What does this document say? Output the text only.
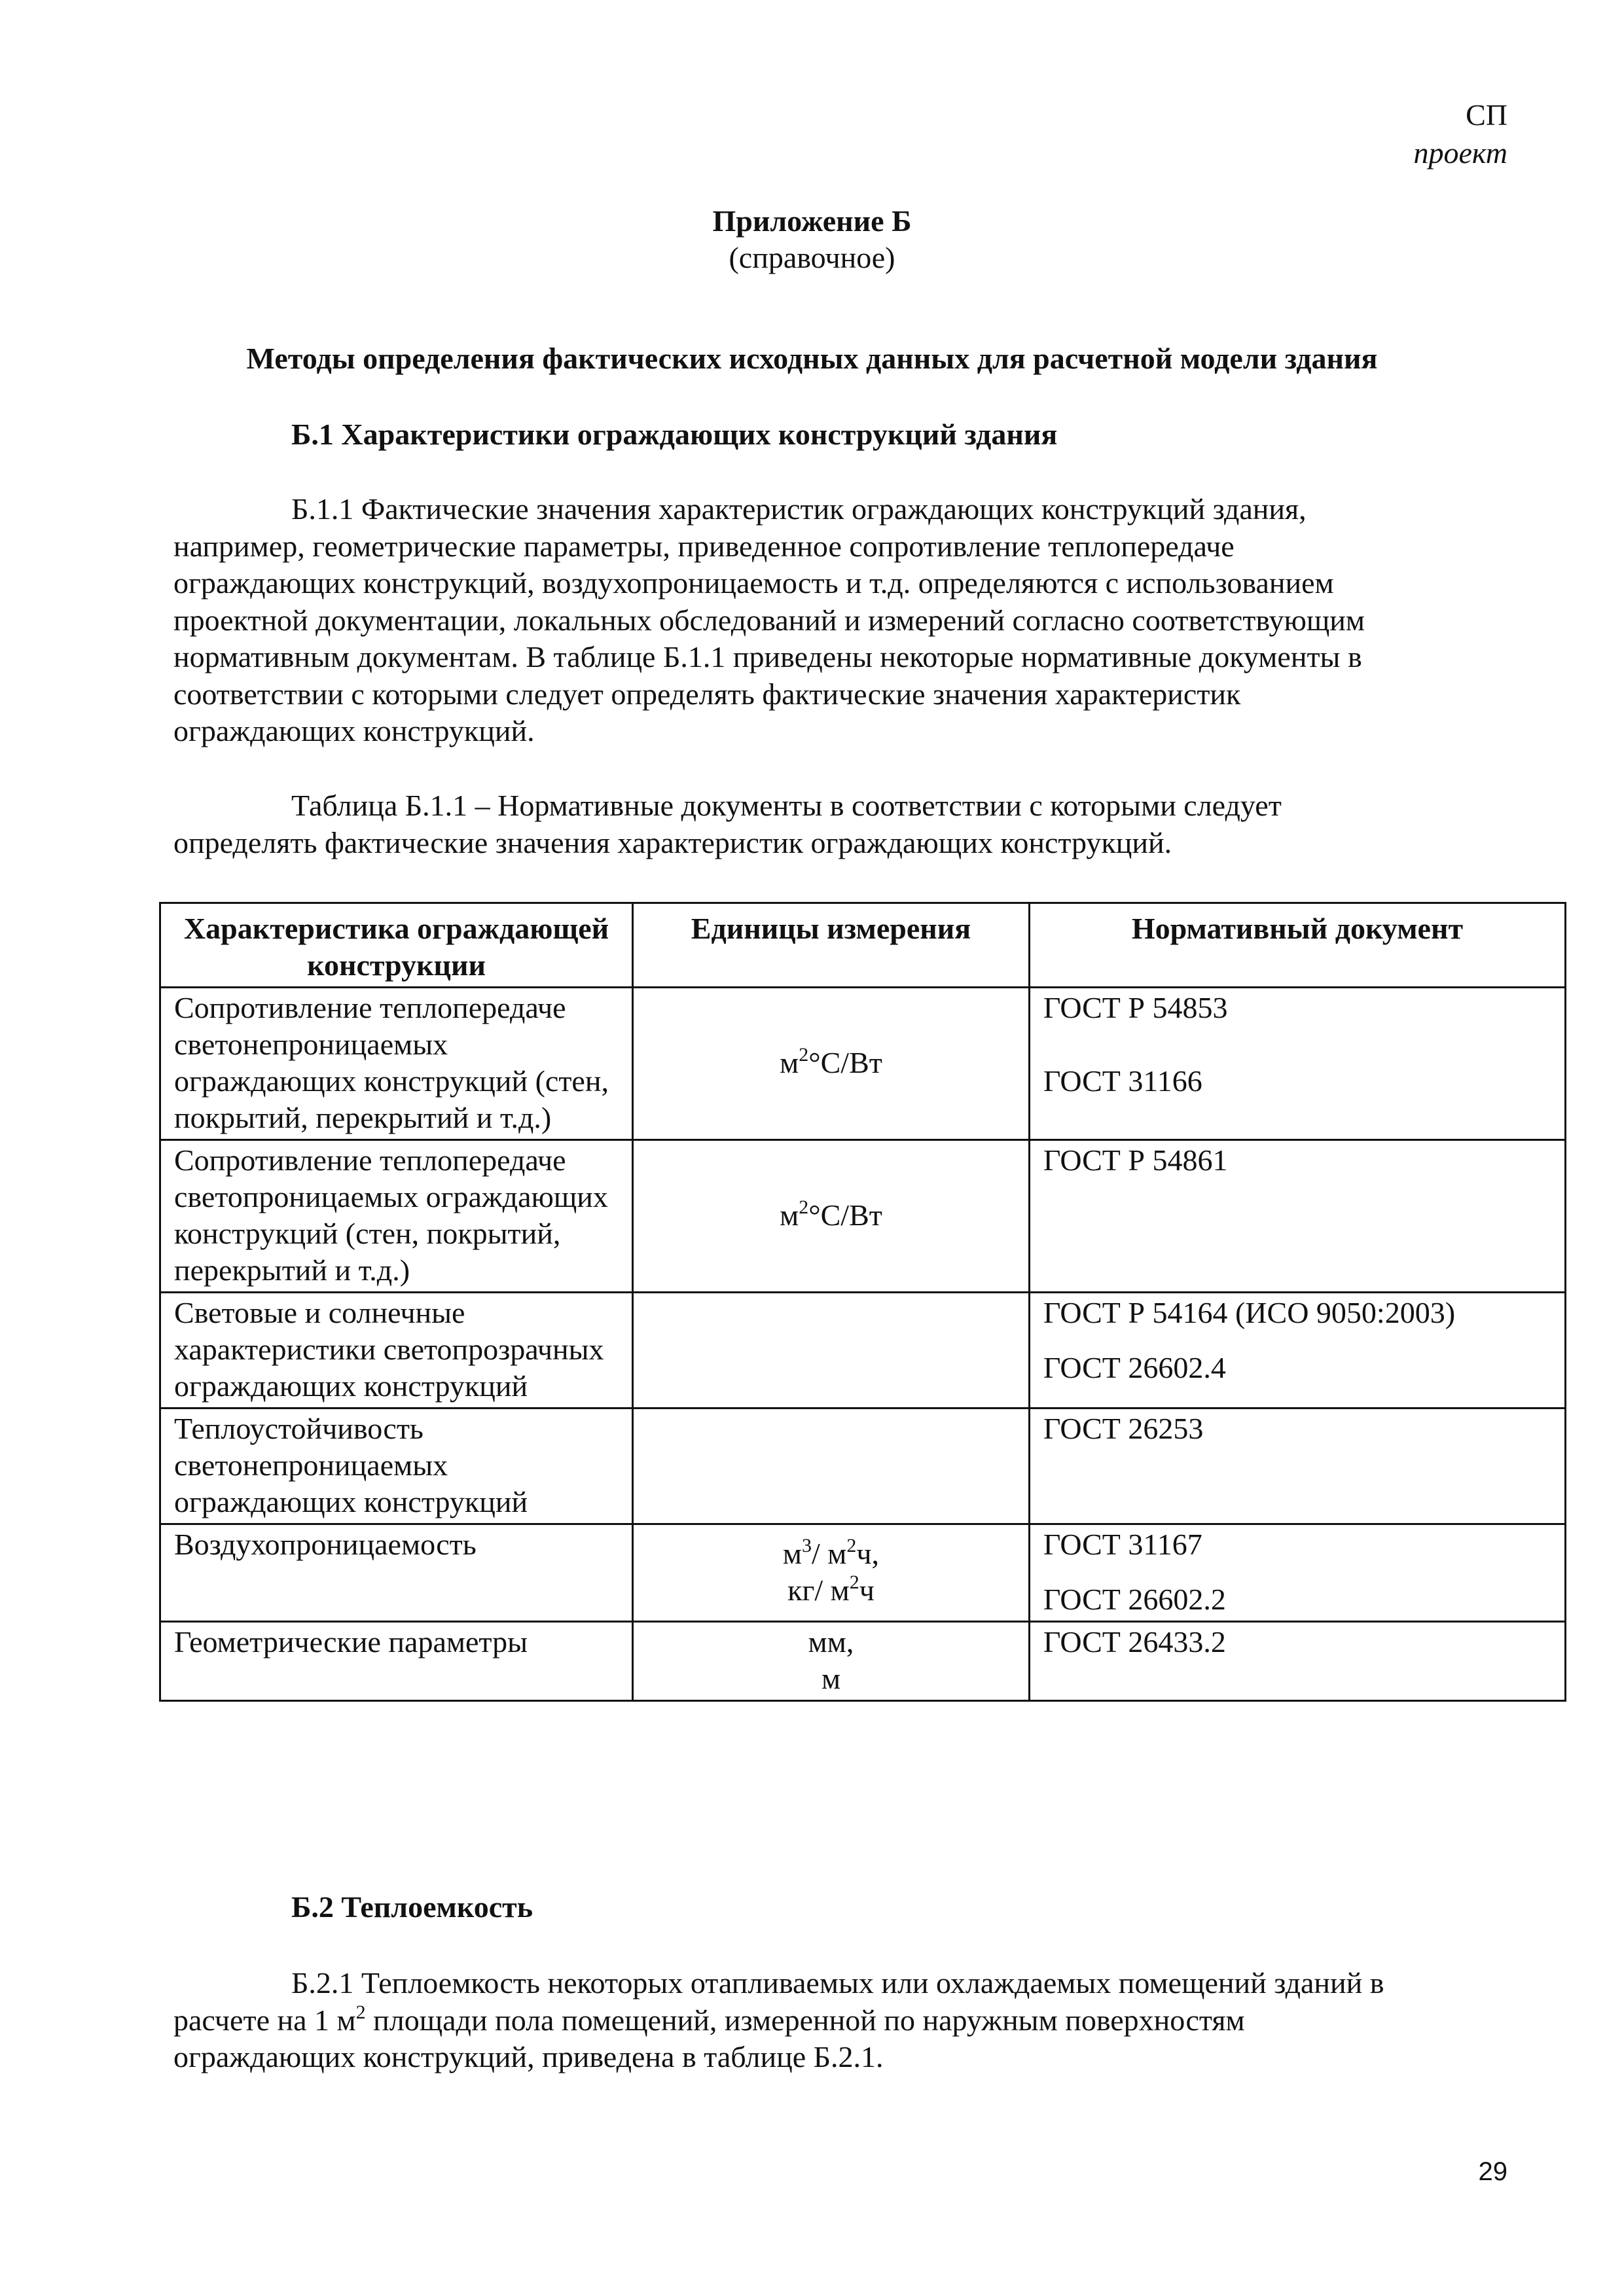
СП
проект
Приложение Б
(справочное)
Методы определения фактических исходных данных для расчетной модели здания
Б.1 Характеристики ограждающих конструкций здания
Б.1.1 Фактические значения характеристик ограждающих конструкций здания,
например, геометрические параметры, приведенное сопротивление теплопередаче
ограждающих конструкций, воздухопроницаемость и т.д. определяются с использованием
проектной документации, локальных обследований и измерений согласно соответствующим
нормативным документам. В таблице Б.1.1 приведены некоторые нормативные документы в
соответствии с которыми следует определять фактические значения характеристик
ограждающих конструкций.
Таблица Б.1.1 – Нормативные документы в соответствии с которыми следует
определять фактические значения характеристик ограждающих конструкций.
Характеристика ограждающей конструкции	Единицы измерения	Нормативный документ
Сопротивление теплопередаче светонепроницаемых ограждающих конструкций (стен, покрытий, перекрытий и т.д.)	$м^2^\circ С/Вт$	ГОСТ Р 54853
ГОСТ 31166

Сопротивление теплопередаче светопроницаемых ограждающих конструкций (стен, покрытий, перекрытий и т.д.)	$м^2^\circ С/Вт$	ГОСТ Р 54861

Световые и солнечные характеристики светопрозрачных ограждающих конструкций		ГОСТ Р 54164 (ИСО 9050:2003)
ГОСТ 26602.4

Теплоустойчивость светонепроницаемых ограждающих конструкций		ГОСТ 26253

Воздухопроницаемость	$м^3/$ $м^2ч$,
кг/ $м^2ч$	ГОСТ 31167
ГОСТ 26602.2

Геометрические параметры	мм,
м	ГОСТ 26433.2
Б.2 Теплоемкость
Б.2.1 Теплоемкость некоторых отапливаемых или охлаждаемых помещений зданий в
расчете на 1 $м^2$ площади пола помещений, измеренной по наружным поверхностям
ограждающих конструкций, приведена в таблице Б.2.1.
29
